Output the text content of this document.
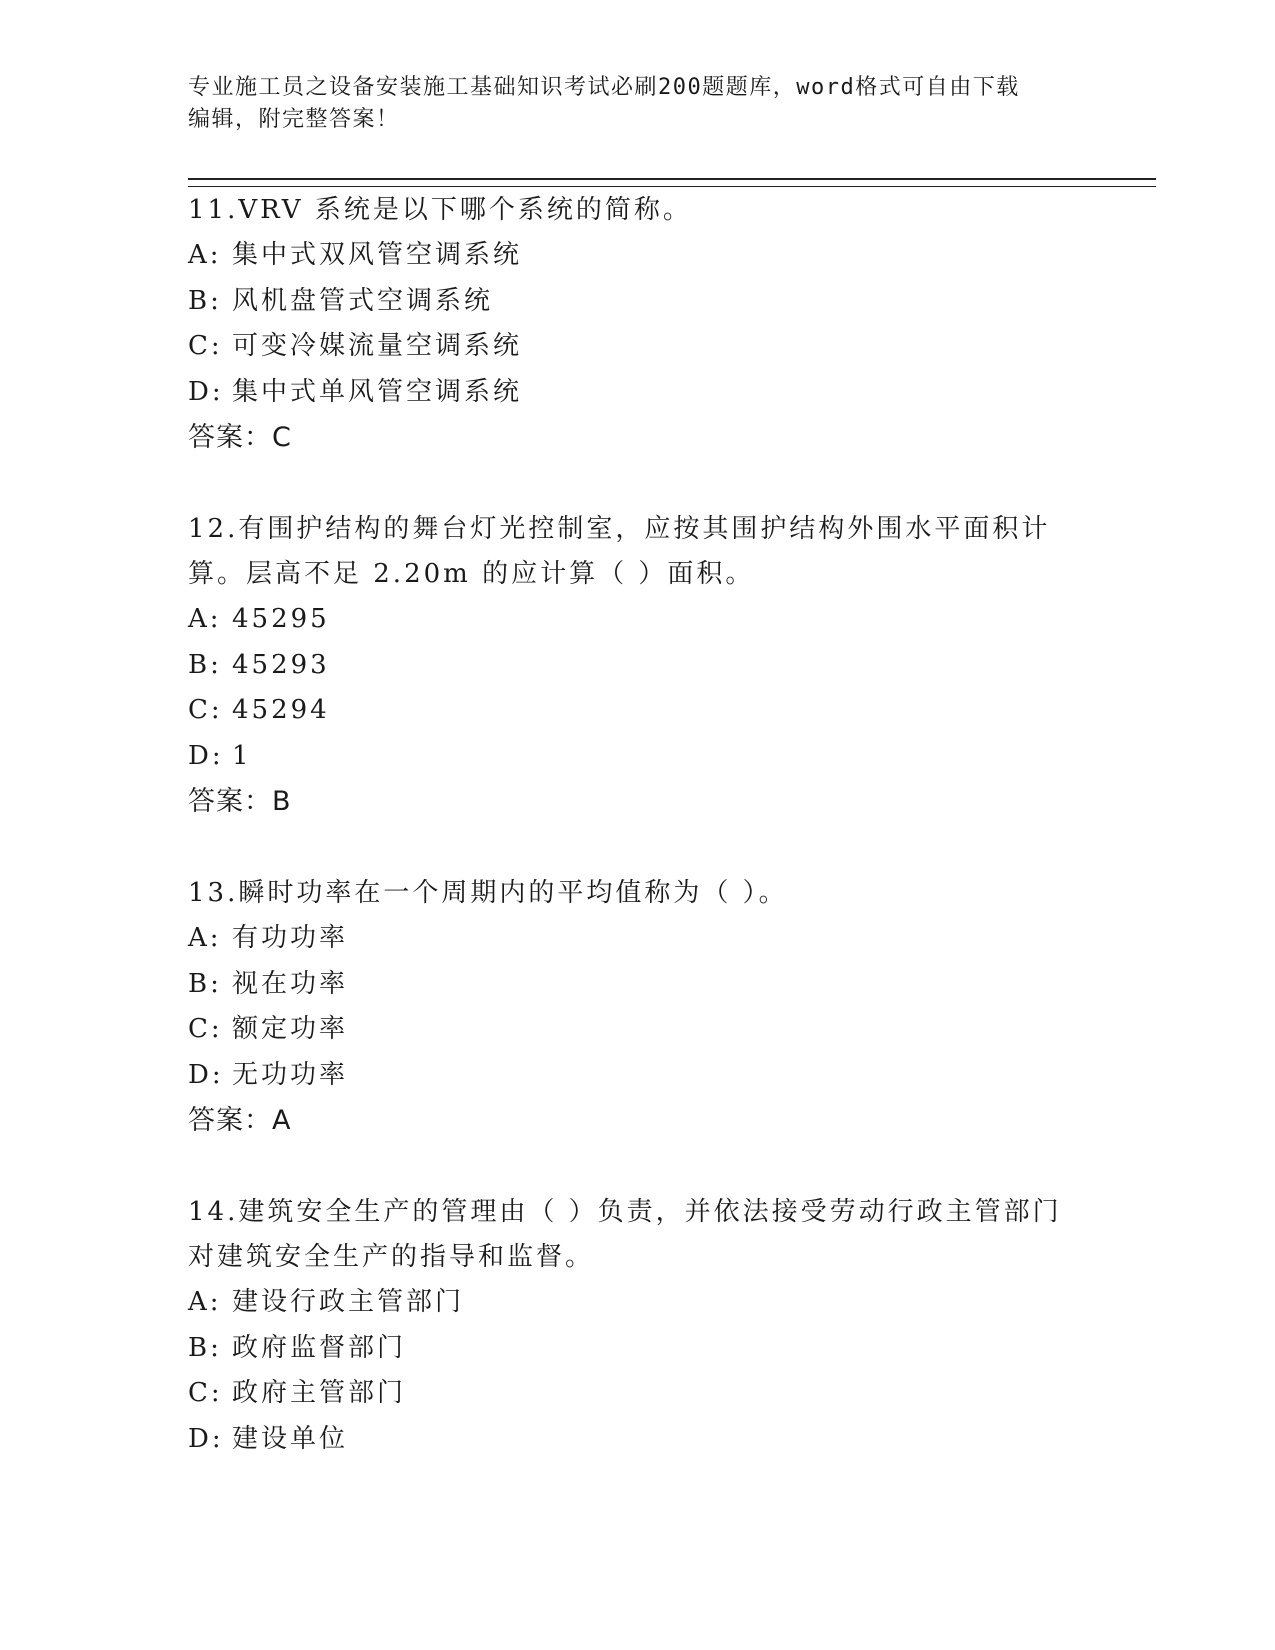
专业施工员之设备安装施工基础知识考试必刷200题题库，word格式可自由下载
编辑，附完整答案！
11.VRV 系统是以下哪个系统的简称。
A: 集中式双风管空调系统
B: 风机盘管式空调系统
C: 可变冷媒流量空调系统
D: 集中式单风管空调系统
答案：C
12.有围护结构的舞台灯光控制室，应按其围护结构外围水平面积计算。层高不足 2.20m 的应计算（ ）面积。
A: 45295
B: 45293
C: 45294
D: 1
答案：B
13.瞬时功率在一个周期内的平均值称为（ ）。
A: 有功功率
B: 视在功率
C: 额定功率
D: 无功功率
答案：A
14.建筑安全生产的管理由（ ）负责，并依法接受劳动行政主管部门对建筑安全生产的指导和监督。
A: 建设行政主管部门
B: 政府监督部门
C: 政府主管部门
D: 建设单位
